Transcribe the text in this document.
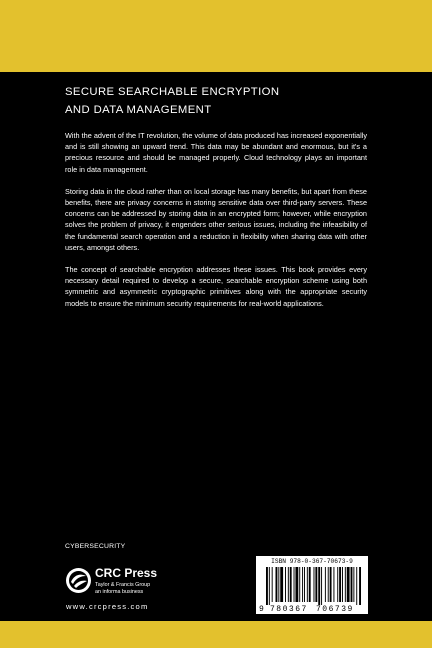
SECURE SEARCHABLE ENCRYPTION
AND DATA MANAGEMENT

With the advent of the IT revolution, the volume of data produced has increased exponentially and is still showing an upward trend. This data may be abundant and enormous, but it's a precious resource and should be managed properly. Cloud technology plays an important role in data management.

Storing data in the cloud rather than on local storage has many benefits, but apart from these benefits, there are privacy concerns in storing sensitive data over third-party servers. These concerns can be addressed by storing data in an encrypted form; however, while encryption solves the problem of privacy, it engenders other serious issues, including the infeasibility of the fundamental search operation and a reduction in flexibility when sharing data with other users, amongst others.

The concept of searchable encryption addresses these issues. This book provides every necessary detail required to develop a secure, searchable encryption scheme using both symmetric and asymmetric cryptographic primitives along with the appropriate security models to ensure the minimum security requirements for real-world applications.

CYBERSECURITY
CRC Press
Taylor & Francis Group
an informa business
www.crcpress.com
ISBN 978-0-367-70673-9
9 780367 706739
